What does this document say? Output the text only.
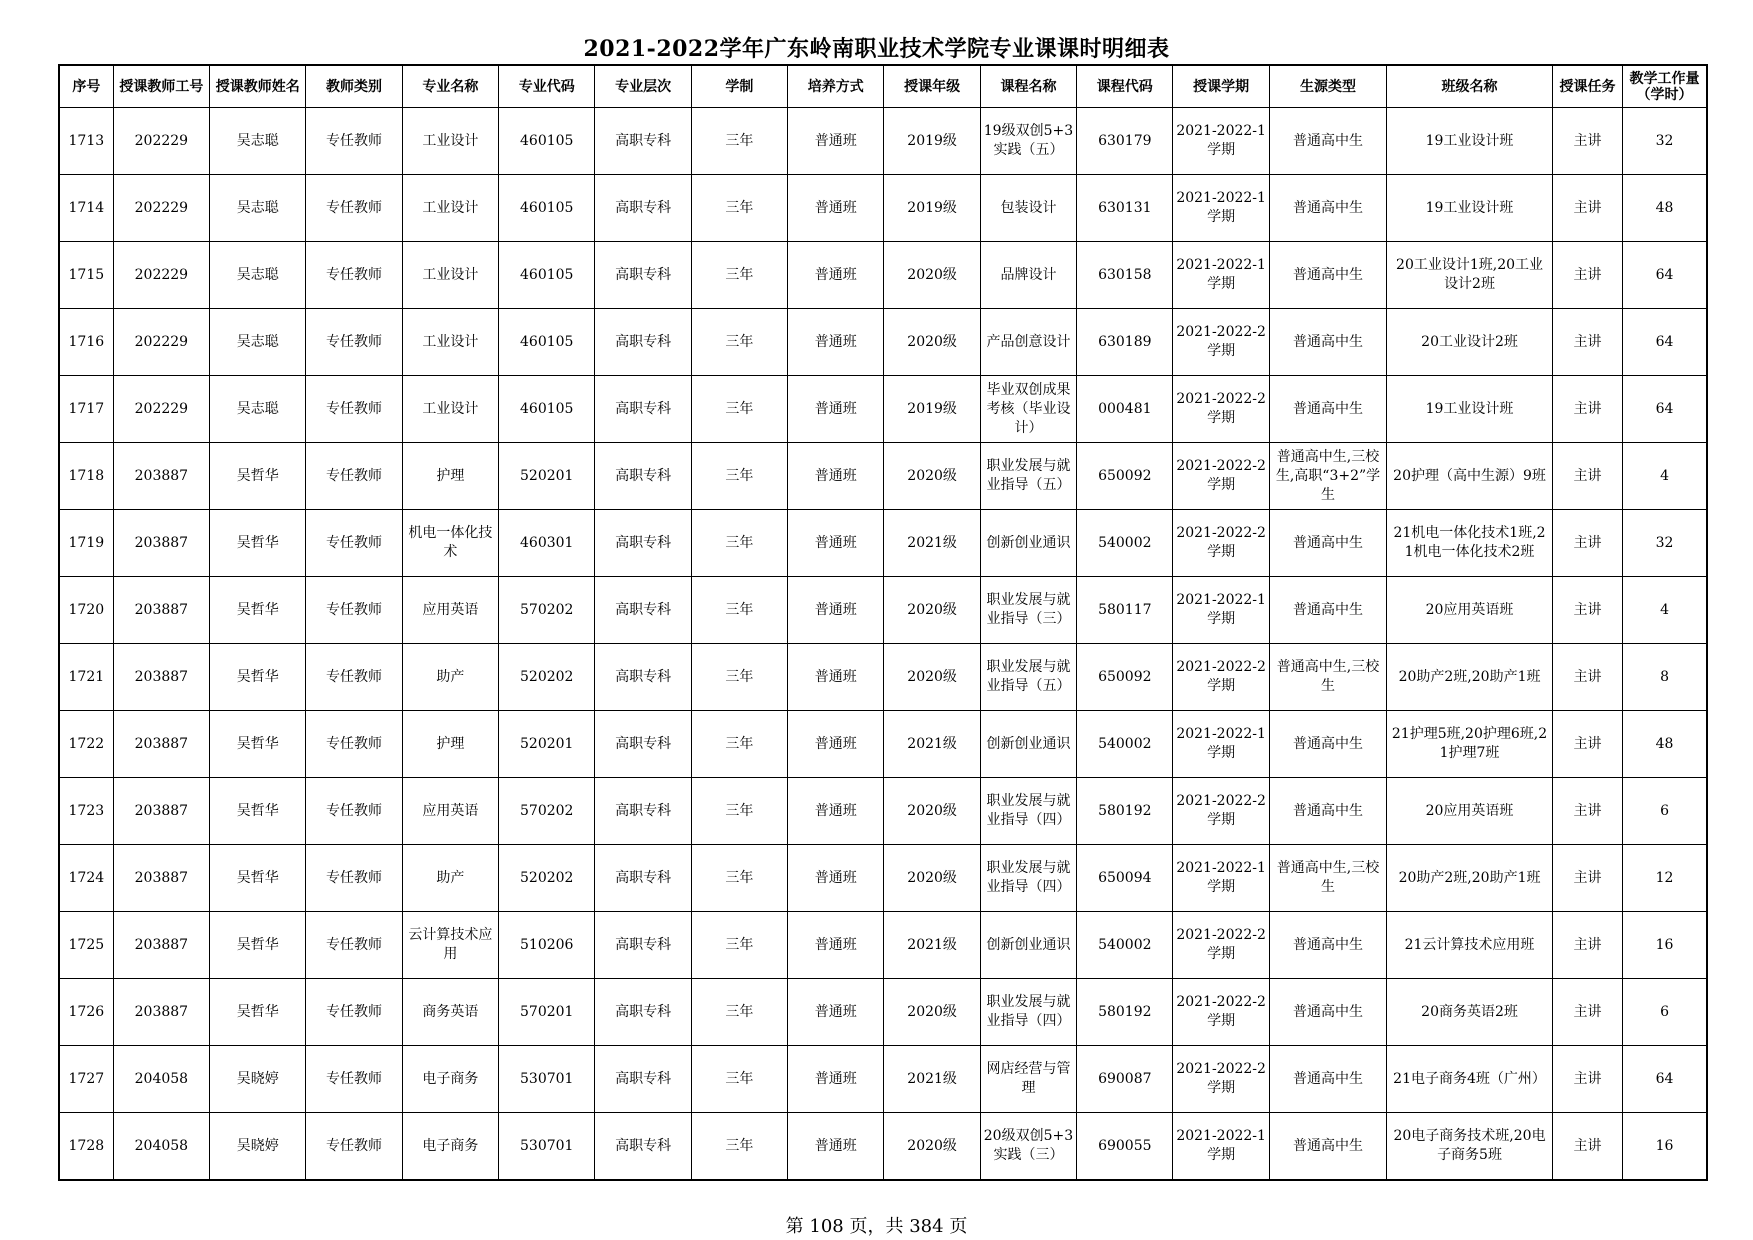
2021-2022学年广东岭南职业技术学院专业课课时明细表
序号	授课教师工号	授课教师姓名	教师类别	专业名称	专业代码	专业层次	学制	培养方式	授课年级	课程名称	课程代码	授课学期	生源类型	班级名称	授课任务	教学工作量（学时）
1713	202229	吴志聪	专任教师	工业设计	460105	高职专科	三年	普通班	2019级	19级双创5+3实践（五）	630179	2021-2022-1学期	普通高中生	19工业设计班	主讲	32
1714	202229	吴志聪	专任教师	工业设计	460105	高职专科	三年	普通班	2019级	包装设计	630131	2021-2022-1学期	普通高中生	19工业设计班	主讲	48
1715	202229	吴志聪	专任教师	工业设计	460105	高职专科	三年	普通班	2020级	品牌设计	630158	2021-2022-1学期	普通高中生	20工业设计1班,20工业设计2班	主讲	64
1716	202229	吴志聪	专任教师	工业设计	460105	高职专科	三年	普通班	2020级	产品创意设计	630189	2021-2022-2学期	普通高中生	20工业设计2班	主讲	64
1717	202229	吴志聪	专任教师	工业设计	460105	高职专科	三年	普通班	2019级	毕业双创成果考核（毕业设计）	000481	2021-2022-2学期	普通高中生	19工业设计班	主讲	64
1718	203887	吴哲华	专任教师	护理	520201	高职专科	三年	普通班	2020级	职业发展与就业指导（五）	650092	2021-2022-2学期	普通高中生,三校生,高职“3+2”学生	20护理（高中生源）9班	主讲	4
1719	203887	吴哲华	专任教师	机电一体化技术	460301	高职专科	三年	普通班	2021级	创新创业通识	540002	2021-2022-2学期	普通高中生	21机电一体化技术1班,21机电一体化技术2班	主讲	32
1720	203887	吴哲华	专任教师	应用英语	570202	高职专科	三年	普通班	2020级	职业发展与就业指导（三）	580117	2021-2022-1学期	普通高中生	20应用英语班	主讲	4
1721	203887	吴哲华	专任教师	助产	520202	高职专科	三年	普通班	2020级	职业发展与就业指导（五）	650092	2021-2022-2学期	普通高中生,三校生	20助产2班,20助产1班	主讲	8
1722	203887	吴哲华	专任教师	护理	520201	高职专科	三年	普通班	2021级	创新创业通识	540002	2021-2022-1学期	普通高中生	21护理5班,20护理6班,21护理7班	主讲	48
1723	203887	吴哲华	专任教师	应用英语	570202	高职专科	三年	普通班	2020级	职业发展与就业指导（四）	580192	2021-2022-2学期	普通高中生	20应用英语班	主讲	6
1724	203887	吴哲华	专任教师	助产	520202	高职专科	三年	普通班	2020级	职业发展与就业指导（四）	650094	2021-2022-1学期	普通高中生,三校生	20助产2班,20助产1班	主讲	12
1725	203887	吴哲华	专任教师	云计算技术应用	510206	高职专科	三年	普通班	2021级	创新创业通识	540002	2021-2022-2学期	普通高中生	21云计算技术应用班	主讲	16
1726	203887	吴哲华	专任教师	商务英语	570201	高职专科	三年	普通班	2020级	职业发展与就业指导（四）	580192	2021-2022-2学期	普通高中生	20商务英语2班	主讲	6
1727	204058	吴晓婷	专任教师	电子商务	530701	高职专科	三年	普通班	2021级	网店经营与管理	690087	2021-2022-2学期	普通高中生	21电子商务4班（广州）	主讲	64
1728	204058	吴晓婷	专任教师	电子商务	530701	高职专科	三年	普通班	2020级	20级双创5+3实践（三）	690055	2021-2022-1学期	普通高中生	20电子商务技术班,20电子商务5班	主讲	16
第 108 页，共 384 页
